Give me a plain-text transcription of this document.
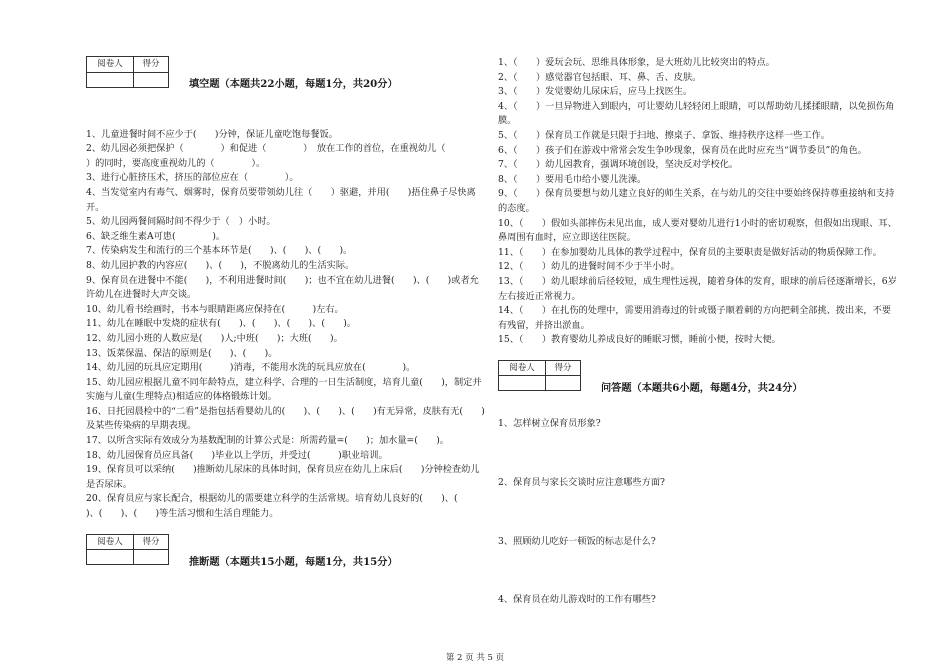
阅卷人	得分

填空题（本题共22小题，每题1分，共20分）

1、儿童进餐时间不应少于(　　)分钟，保证儿童吃饱每餐饭。

2、幼儿园必须把保护（　　　　）和促进（　　　　）　放在工作的首位，在重视幼儿（　　　　）的同时，要高度重视幼儿的（　　　　）。

3、进行心脏挤压术，挤压的部位应在（　　　　）。

4、当发觉室内有毒气、烟雾时，保育员要带领幼儿往（　　）驱避，并用(　　)捂住鼻子尽快离开。

5、幼儿园两餐间隔时间不得少于（　）小时。

6、缺乏维生素A可患(　　　　)。

7、传染病发生和流行的三个基本环节是(　　)、(　　)、(　　)。

8、幼儿园护教的内容应(　　)、(　　)，不脱离幼儿的生活实际。

9、保育员在进餐中不能(　　)，不利用进餐时间(　　)；也不宜在幼儿进餐(　　)、(　　)或者允许幼儿在进餐时大声交谈。

10、幼儿看书绘画时，书本与眼睛距离应保持在(　　　)左右。

11、幼儿在睡眠中发烧的症状有(　　)、(　　)、(　　)、(　　)。

12、幼儿园小班的人数应是(　　)人;中班(　　)；大班(　　)。

13、饭菜保温、保洁的原则是(　　)、(　　)。

14、幼儿园的玩具应定期用(　　　)消毒，不能用水洗的玩具应放在(　　　　)。

15、幼儿园应根据儿童不同年龄特点，建立科学、合理的一日生活制度，培育儿童(　　)，制定并实施与儿童(生理特点)相适应的体格锻炼计划。

16、日托园晨检中的“二看”是指包括看婴幼儿的(　　)、(　　)、(　　)有无异常，皮肤有无(　　)及某些传染病的早期表现。

17、以所含实际有效成分为基数配制的计算公式是：所需药量=(　　)；加水量=(　　)。

18、幼儿园保育员应具备(　　)毕业以上学历，并受过(　　　)职业培训。

19、保育员可以采纳(　　)推断幼儿尿床的具体时间，保育员应在幼儿上床后(　　)分钟检查幼儿是否尿床。

20、保育员应与家长配合，根据幼儿的需要建立科学的生活常规。培育幼儿良好的(　　)、(　　)、(　　)、(　　)等生活习惯和生活自理能力。

阅卷人	得分

推断题（本题共15小题，每题1分，共15分）

1、（　　）爱玩会玩、思维具体形象，是大班幼儿比较突出的特点。

2、（　　）感觉器官包括眼、耳、鼻、舌、皮肤。

3、（　　）发觉婴幼儿尿床后，应马上找医生。

4、（　　）一旦异物进入到眼内，可让婴幼儿轻轻闭上眼睛，可以帮助幼儿揉揉眼睛，以免损伤角膜。

5、（　　）保育员工作就是只限于扫地、擦桌子、拿饭、维持秩序这样一些工作。

6、（　　）孩子们在游戏中常常会发生争吵现象，保育员在此时应充当“调节委员”的角色。

7、（　　）幼儿园教育，强调环境创设，坚决反对学校化。

8、（　　）要用毛巾给小婴儿洗澡。

9、（　　）保育员要想与幼儿建立良好的师生关系，在与幼儿的交往中要始终保持尊重接纳和支持的态度。

10、（　　）假如头部摔伤未见出血，成人要对婴幼儿进行1小时的密切观察，但假如出现眼、耳、鼻周围有血时，应立即送往医院。

11、（　　）在参加婴幼儿具体的教学过程中，保育员的主要职责是做好活动的物质保障工作。

12、（　　）幼儿的进餐时间不少于半小时。

13、（　　）幼儿眼球前后径较短，成生理性远视，随着身体的发育，眼球的前后径逐渐增长，6岁左右接近正常视力。

14、（　　）在扎伤的处理中，需要用消毒过的针或镊子顺着刺的方向把刺全部挑、拨出来，不要有残留，并挤出淤血。

15、（　　）教育婴幼儿养成良好的睡眠习惯，睡前小便，按时大便。

阅卷人	得分

问答题（本题共6小题，每题4分，共24分）

1、怎样树立保育员形象?

2、保育员与家长交谈时应注意哪些方面?

3、照顾幼儿吃好一顿饭的标志是什么?

4、保育员在幼儿游戏时的工作有哪些?

第 2 页 共 5 页
